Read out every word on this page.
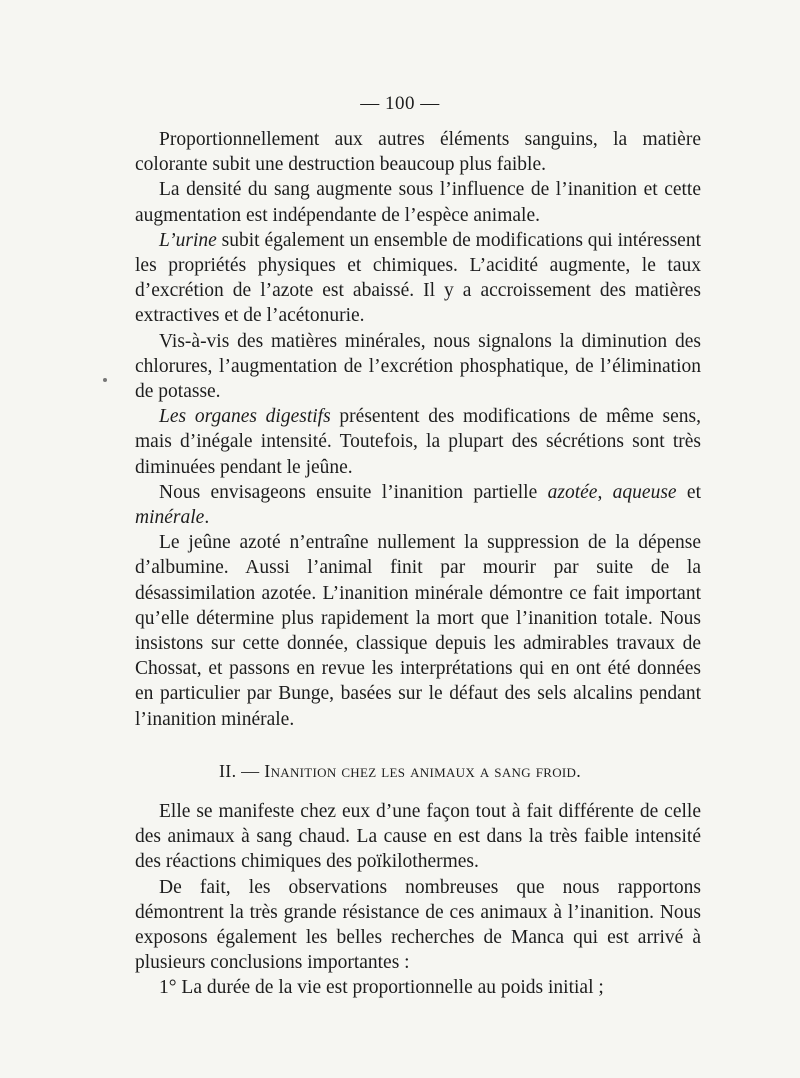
— 100 —

Proportionnellement aux autres éléments sanguins, la matière colorante subit une destruction beaucoup plus faible.

La densité du sang augmente sous l’influence de l’inanition et cette augmentation est indépendante de l’espèce animale.

L’urine subit également un ensemble de modifications qui intéressent les propriétés physiques et chimiques. L’acidité augmente, le taux d’excrétion de l’azote est abaissé. Il y a accroissement des matières extractives et de l’acétonurie.

Vis-à-vis des matières minérales, nous signalons la diminution des chlorures, l’augmentation de l’excrétion phosphatique, de l’élimination de potasse.

Les organes digestifs présentent des modifications de même sens, mais d’inégale intensité. Toutefois, la plupart des sécrétions sont très diminuées pendant le jeûne.

Nous envisageons ensuite l’inanition partielle azotée, aqueuse et minérale.

Le jeûne azoté n’entraîne nullement la suppression de la dépense d’albumine. Aussi l’animal finit par mourir par suite de la désassimilation azotée. L’inanition minérale démontre ce fait important qu’elle détermine plus rapidement la mort que l’inanition totale. Nous insistons sur cette donnée, classique depuis les admirables travaux de Chossat, et passons en revue les interprétations qui en ont été données en particulier par Bunge, basées sur le défaut des sels alcalins pendant l’inanition minérale.

II. — Inanition chez les animaux a sang froid.

Elle se manifeste chez eux d’une façon tout à fait différente de celle des animaux à sang chaud. La cause en est dans la très faible intensité des réactions chimiques des poïkilothermes.

De fait, les observations nombreuses que nous rapportons démontrent la très grande résistance de ces animaux à l’inanition. Nous exposons également les belles recherches de Manca qui est arrivé à plusieurs conclusions importantes :

1° La durée de la vie est proportionnelle au poids initial ;
